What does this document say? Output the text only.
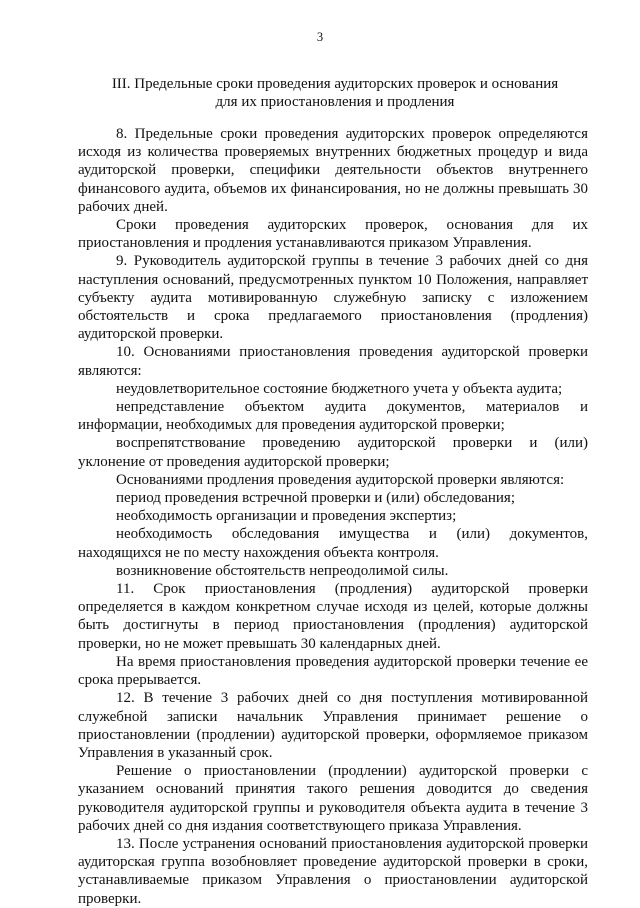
3
III. Предельные сроки проведения аудиторских проверок и основания
для их приостановления и продления

8. Предельные сроки проведения аудиторских проверок определяются исходя из количества проверяемых внутренних бюджетных процедур и вида аудиторской проверки, специфики деятельности объектов внутреннего финансового аудита, объемов их финансирования, но не должны превышать 30 рабочих дней.

Сроки проведения аудиторских проверок, основания для их приостановления и продления устанавливаются приказом Управления.

9. Руководитель аудиторской группы в течение 3 рабочих дней со дня наступления оснований, предусмотренных пунктом 10 Положения, направляет субъекту аудита мотивированную служебную записку с изложением обстоятельств и срока предлагаемого приостановления (продления) аудиторской проверки.

10. Основаниями приостановления проведения аудиторской проверки являются:

неудовлетворительное состояние бюджетного учета у объекта аудита;

непредставление объектом аудита документов, материалов и информации, необходимых для проведения аудиторской проверки;

воспрепятствование проведению аудиторской проверки и (или) уклонение от проведения аудиторской проверки;

Основаниями продления проведения аудиторской проверки являются:

период проведения встречной проверки и (или) обследования;

необходимость организации и проведения экспертиз;

необходимость обследования имущества и (или) документов, находящихся не по месту нахождения объекта контроля.

возникновение обстоятельств непреодолимой силы.

11. Срок приостановления (продления) аудиторской проверки определяется в каждом конкретном случае исходя из целей, которые должны быть достигнуты в период приостановления (продления) аудиторской проверки, но не может превышать 30 календарных дней.

На время приостановления проведения аудиторской проверки течение ее срока прерывается.

12. В течение 3 рабочих дней со дня поступления мотивированной служебной записки начальник Управления принимает решение о приостановлении (продлении) аудиторской проверки, оформляемое приказом Управления в указанный срок.

Решение о приостановлении (продлении) аудиторской проверки с указанием оснований принятия такого решения доводится до сведения руководителя аудиторской группы и руководителя объекта аудита в течение 3 рабочих дней со дня издания соответствующего приказа Управления.

13. После устранения оснований приостановления аудиторской проверки аудиторская группа возобновляет проведение аудиторской проверки в сроки, устанавливаемые приказом Управления о приостановлении аудиторской проверки.
